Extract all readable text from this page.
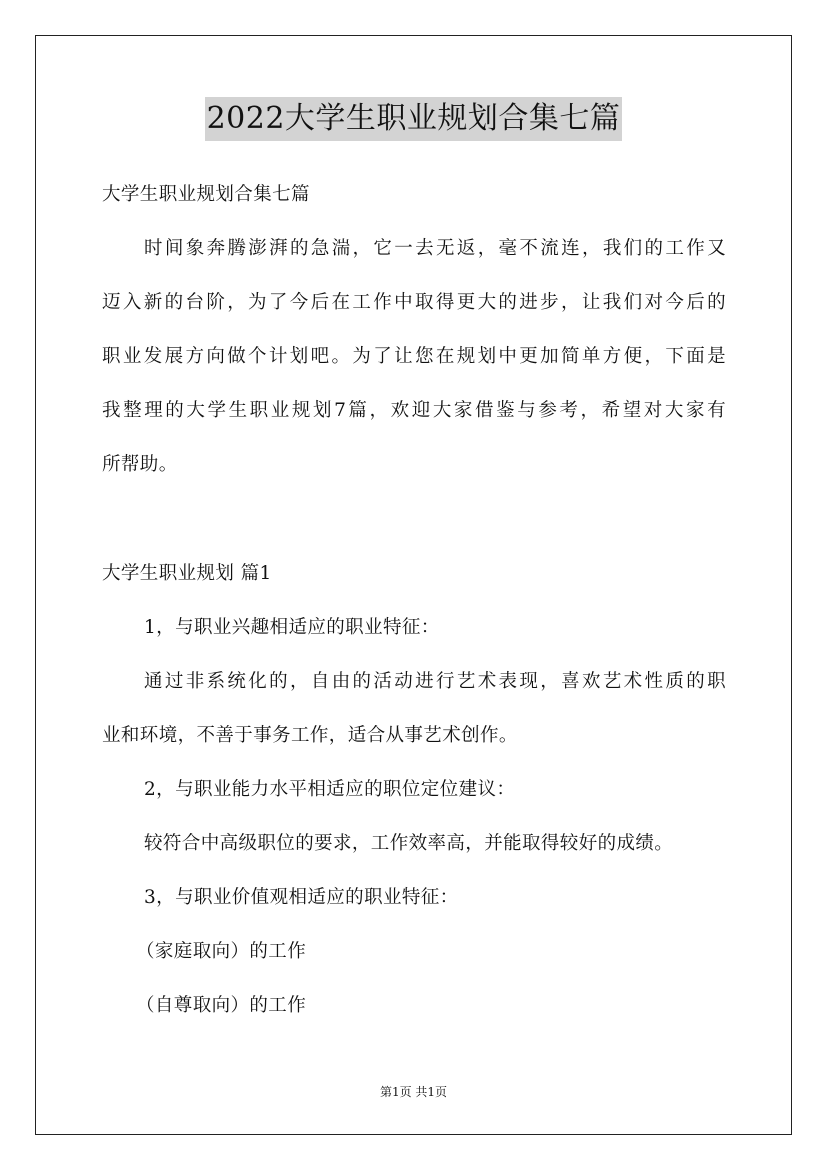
2022大学生职业规划合集七篇
大学生职业规划合集七篇
时间象奔腾澎湃的急湍，它一去无返，毫不流连，我们的工作又
迈入新的台阶，为了今后在工作中取得更大的进步，让我们对今后的
职业发展方向做个计划吧。为了让您在规划中更加简单方便，下面是
我整理的大学生职业规划7篇，欢迎大家借鉴与参考，希望对大家有
所帮助。
大学生职业规划 篇1
1，与职业兴趣相适应的职业特征：
通过非系统化的，自由的活动进行艺术表现，喜欢艺术性质的职
业和环境，不善于事务工作，适合从事艺术创作。
2，与职业能力水平相适应的职位定位建议：
较符合中高级职位的要求，工作效率高，并能取得较好的成绩。
3，与职业价值观相适应的职业特征：
（家庭取向）的工作
（自尊取向）的工作
第1页 共1页
